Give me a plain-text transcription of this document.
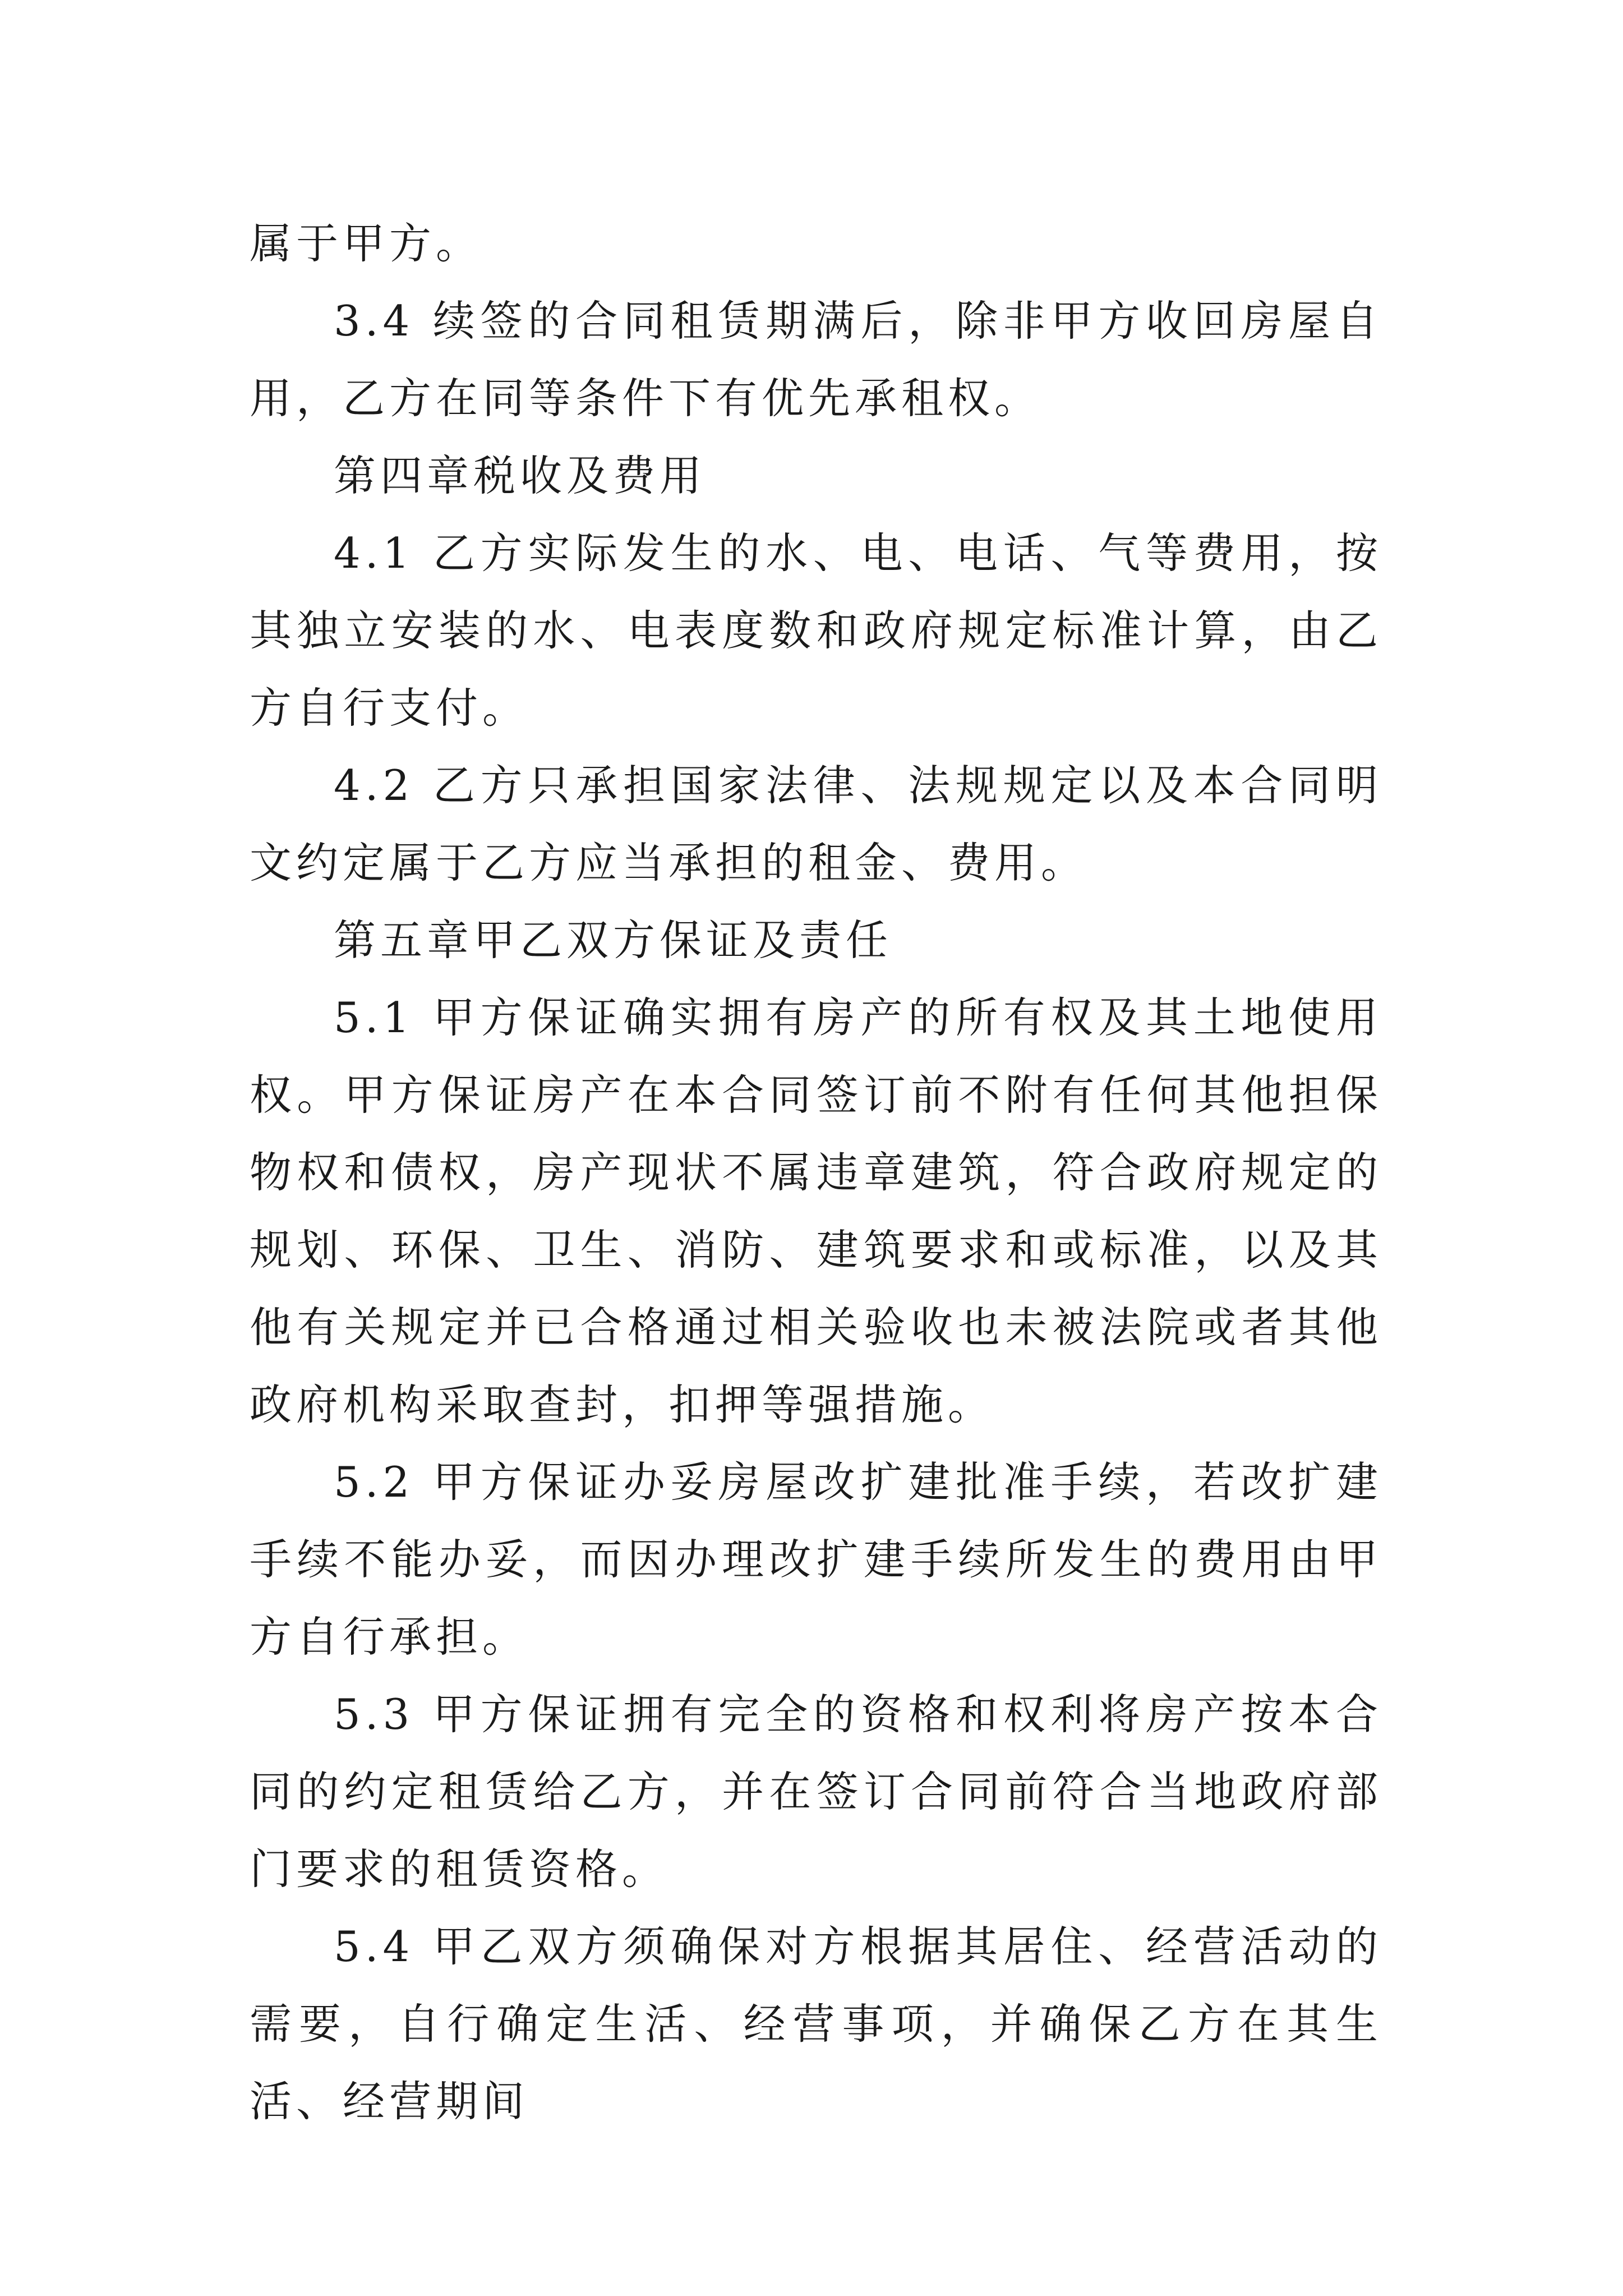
属于甲方。

3.4 续签的合同租赁期满后，除非甲方收回房屋自用，乙方在同等条件下有优先承租权。

第四章税收及费用

4.1 乙方实际发生的水、电、电话、气等费用，按其独立安装的水、电表度数和政府规定标准计算，由乙方自行支付。

4.2 乙方只承担国家法律、法规规定以及本合同明文约定属于乙方应当承担的租金、费用。

第五章甲乙双方保证及责任

5.1 甲方保证确实拥有房产的所有权及其土地使用权。甲方保证房产在本合同签订前不附有任何其他担保物权和债权，房产现状不属违章建筑，符合政府规定的规划、环保、卫生、消防、建筑要求和或标准，以及其他有关规定并已合格通过相关验收也未被法院或者其他政府机构采取查封，扣押等强措施。

5.2 甲方保证办妥房屋改扩建批准手续，若改扩建手续不能办妥，而因办理改扩建手续所发生的费用由甲方自行承担。

5.3 甲方保证拥有完全的资格和权利将房产按本合同的约定租赁给乙方，并在签订合同前符合当地政府部门要求的租赁资格。

5.4 甲乙双方须确保对方根据其居住、经营活动的需要，自行确定生活、经营事项，并确保乙方在其生活、经营期间
